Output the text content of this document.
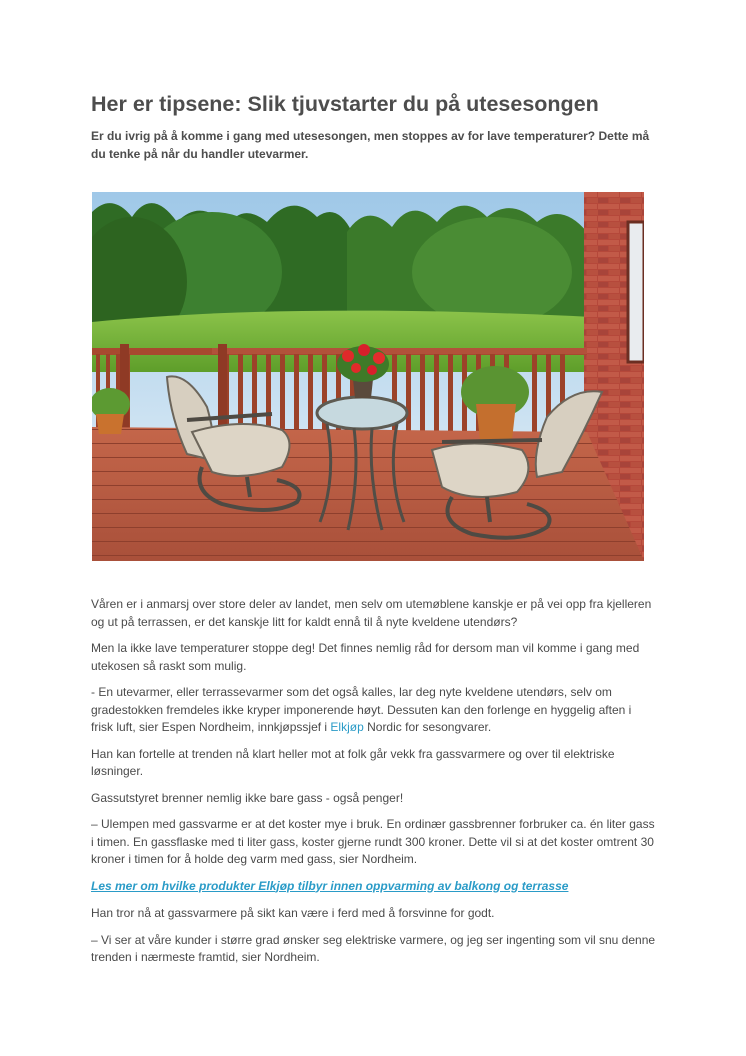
Her er tipsene: Slik tjuvstarter du på utesesongen

Er du ivrig på å komme i gang med utesesongen, men stoppes av for lave temperaturer? Dette må du tenke på når du handler utevarmer.

Våren er i anmarsj over store deler av landet, men selv om utemøblene kanskje er på vei opp fra kjelleren og ut på terrassen, er det kanskje litt for kaldt ennå til å nyte kveldene utendørs?

Men la ikke lave temperaturer stoppe deg! Det finnes nemlig råd for dersom man vil komme i gang med utekosen så raskt som mulig.

- En utevarmer, eller terrassevarmer som det også kalles, lar deg nyte kveldene utendørs, selv om gradestokken fremdeles ikke kryper imponerende høyt. Dessuten kan den forlenge en hyggelig aften i frisk luft, sier Espen Nordheim, innkjøpssjef i Elkjøp Nordic for sesongvarer.

Han kan fortelle at trenden nå klart heller mot at folk går vekk fra gassvarmere og over til elektriske løsninger.

Gassutstyret brenner nemlig ikke bare gass - også penger!

– Ulempen med gassvarme er at det koster mye i bruk. En ordinær gassbrenner forbruker ca. én liter gass i timen. En gassflaske med ti liter gass, koster gjerne rundt 300 kroner. Dette vil si at det koster omtrent 30 kroner i timen for å holde deg varm med gass, sier Nordheim.

Les mer om hvilke produkter Elkjøp tilbyr innen oppvarming av balkong og terrasse

Han tror nå at gassvarmere på sikt kan være i ferd med å forsvinne for godt.

– Vi ser at våre kunder i større grad ønsker seg elektriske varmere, og jeg ser ingenting som vil snu denne trenden i nærmeste framtid, sier Nordheim.
